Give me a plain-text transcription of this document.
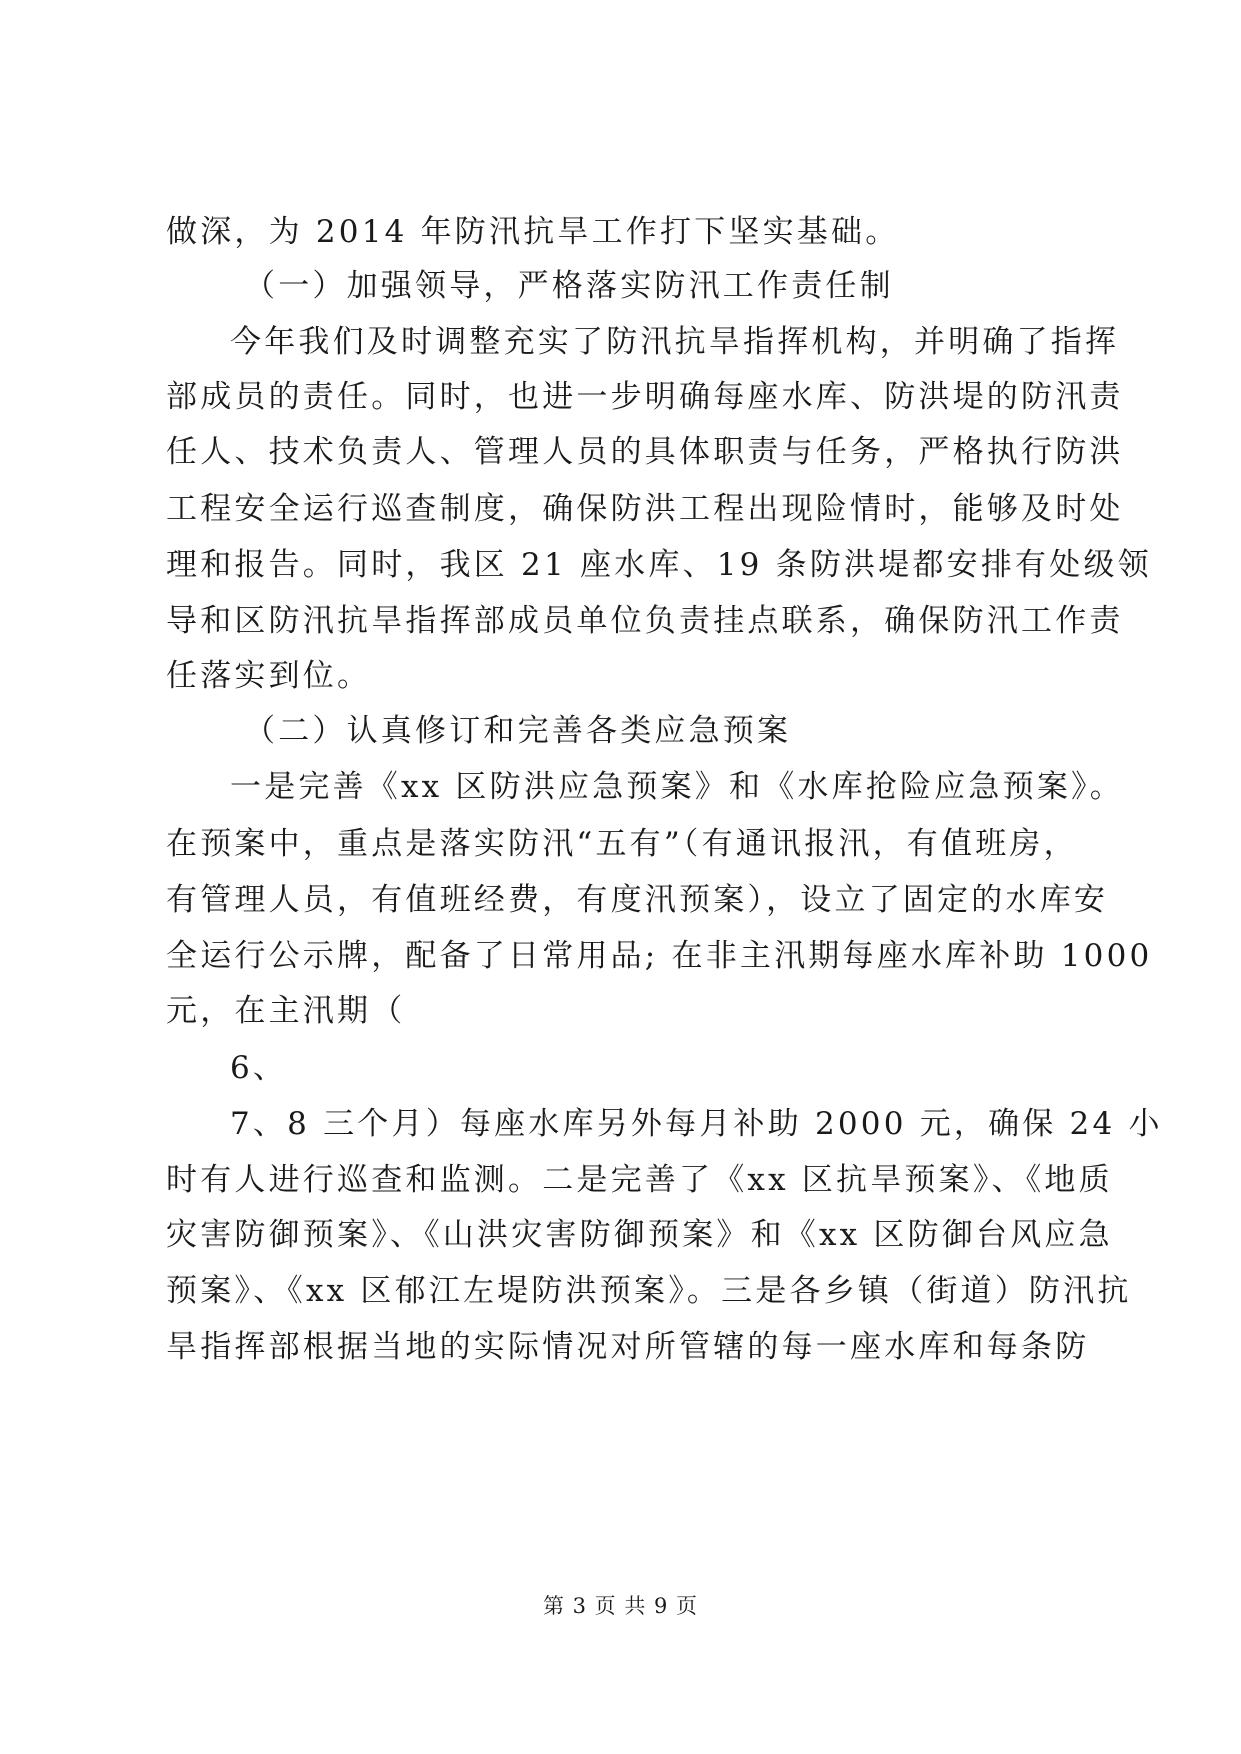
做深，为 2014 年防汛抗旱工作打下坚实基础。
（一）加强领导，严格落实防汛工作责任制
今年我们及时调整充实了防汛抗旱指挥机构，并明确了指挥
部成员的责任。同时，也进一步明确每座水库、防洪堤的防汛责
任人、技术负责人、管理人员的具体职责与任务，严格执行防洪
工程安全运行巡查制度，确保防洪工程出现险情时，能够及时处
理和报告。同时，我区 21 座水库、19 条防洪堤都安排有处级领
导和区防汛抗旱指挥部成员单位负责挂点联系，确保防汛工作责
任落实到位。
（二）认真修订和完善各类应急预案
一是完善《xx 区防洪应急预案》和《水库抢险应急预案》。
在预案中，重点是落实防汛“五有”（有通讯报汛，有值班房，
有管理人员，有值班经费，有度汛预案），设立了固定的水库安
全运行公示牌，配备了日常用品; 在非主汛期每座水库补助 1000
元，在主汛期（
6、
7、8 三个月）每座水库另外每月补助 2000 元，确保 24 小
时有人进行巡查和监测。二是完善了《xx 区抗旱预案》、《地质
灾害防御预案》、《山洪灾害防御预案》和《xx 区防御台风应急
预案》、《xx 区郁江左堤防洪预案》。三是各乡镇（街道）防汛抗
旱指挥部根据当地的实际情况对所管辖的每一座水库和每条防
第 3 页 共 9 页
